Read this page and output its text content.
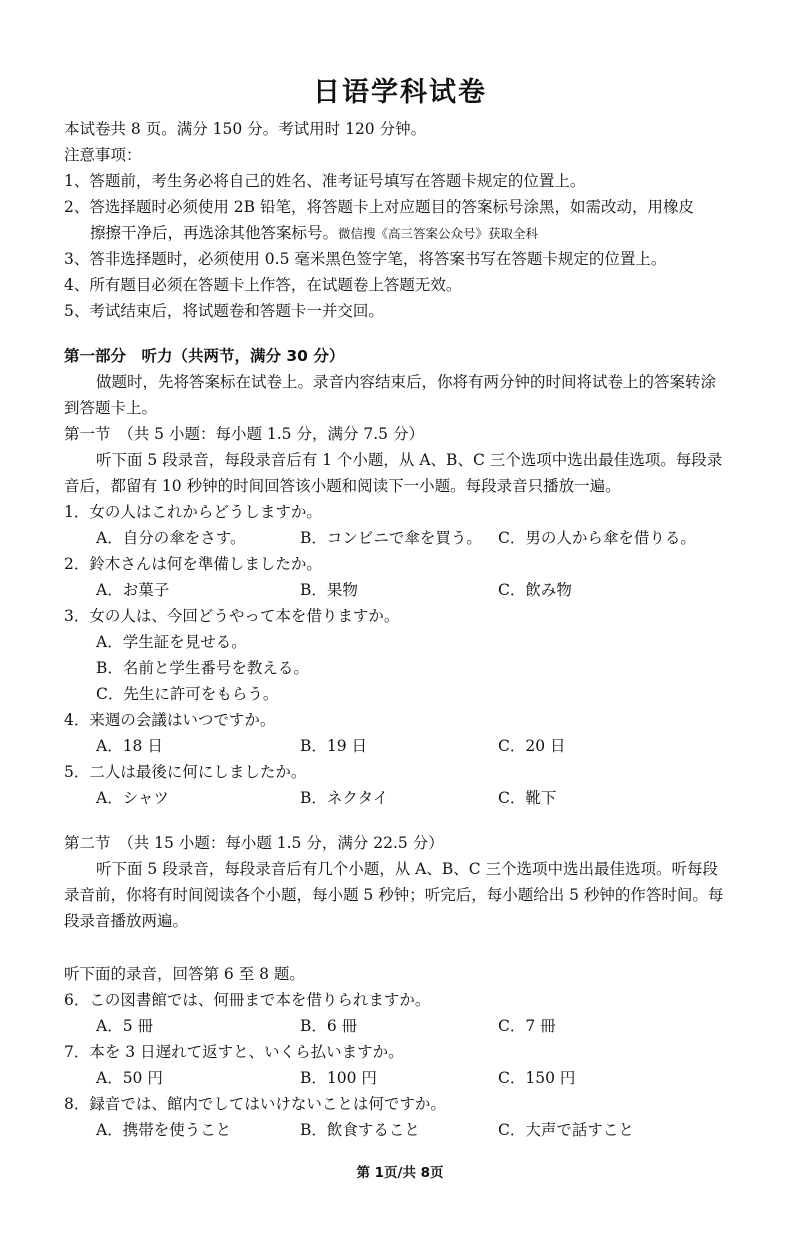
日语学科试卷
本试卷共 8 页。满分 150 分。考试用时 120 分钟。
注意事项：
1、答题前，考生务必将自己的姓名、准考证号填写在答题卡规定的位置上。
2、答选择题时必须使用 2B 铅笔，将答题卡上对应题目的答案标号涂黑，如需改动，用橡皮
擦擦干净后，再选涂其他答案标号。微信搜《高三答案公众号》获取全科
3、答非选择题时，必须使用 0.5 毫米黑色签字笔，将答案书写在答题卡规定的位置上。
4、所有题目必须在答题卡上作答，在试题卷上答题无效。
5、考试结束后，将试题卷和答题卡一并交回。
第一部分　听力（共两节，满分 30 分）
做题时，先将答案标在试卷上。录音内容结束后，你将有两分钟的时间将试卷上的答案转涂
到答题卡上。
第一节　（共 5 小题：每小题 1.5 分，满分 7.5 分）
听下面 5 段录音，每段录音后有 1 个小题，从 A、B、C 三个选项中选出最佳选项。每段录
音后，都留有 10 秒钟的时间回答该小题和阅读下一小题。每段录音只播放一遍。
1．女の人はこれからどうしますか。
A．自分の傘をさす。	B．コンビニで傘を買う。 C．男の人から傘を借りる。
2．鈴木さんは何を準備しましたか。
A．お菓子	B．果物	C．飲み物
3．女の人は、今回どうやって本を借りますか。
A．学生証を見せる。
B．名前と学生番号を教える。
C．先生に許可をもらう。
4．来週の会議はいつですか。
A．18 日	B．19 日	C．20 日
5．二人は最後に何にしましたか。
A．シャツ	B．ネクタイ	C．靴下
第二节　（共 15 小题：每小题 1.5 分，满分 22.5 分）
听下面 5 段录音，每段录音后有几个小题，从 A、B、C 三个选项中选出最佳选项。听每段
录音前，你将有时间阅读各个小题，每小题 5 秒钟；听完后，每小题给出 5 秒钟的作答时间。每
段录音播放两遍。
听下面的录音，回答第 6 至 8 题。
6．この図書館では、何冊まで本を借りられますか。
A．5 冊	B．6 冊	C．7 冊
7．本を 3 日遅れて返すと、いくら払いますか。
A．50 円	B．100 円	C．150 円
8．録音では、館内でしてはいけないことは何ですか。
A．携帯を使うこと	B．飲食すること	C．大声で話すこと
第 1页/共 8页
